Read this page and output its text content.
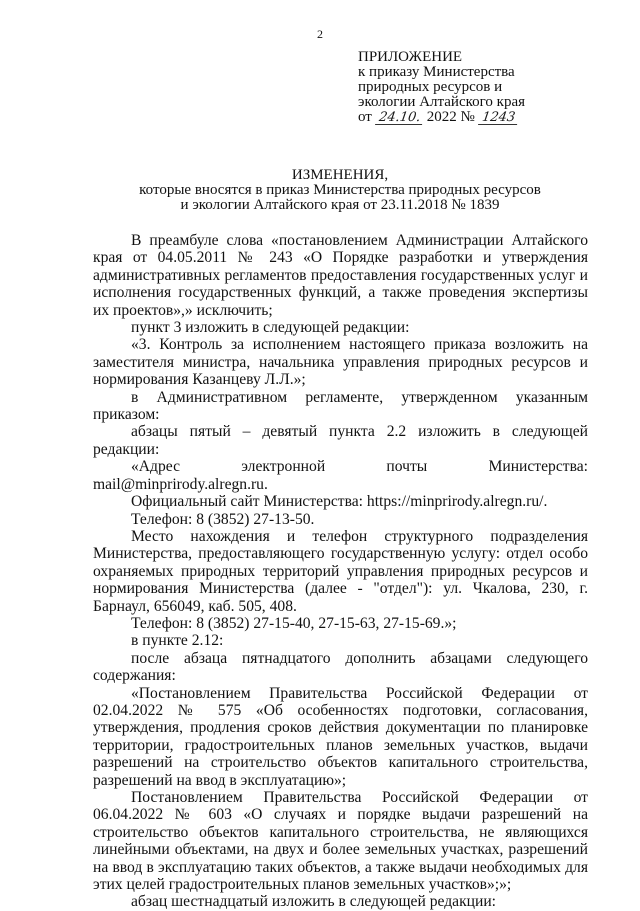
2
ПРИЛОЖЕНИЕ
к приказу Министерства
природных ресурсов и
экологии Алтайского края
от 24.10. 2022 № 1243
ИЗМЕНЕНИЯ,
которые вносятся в приказ Министерства природных ресурсов
и экологии Алтайского края от 23.11.2018 № 1839

В преамбуле слова «постановлением Администрации Алтайского края от 04.05.2011 № 243 «О Порядке разработки и утверждения административных регламентов предоставления государственных услуг и исполнения государственных функций, а также проведения экспертизы их проектов»,» исключить;

пункт 3 изложить в следующей редакции:

«3. Контроль за исполнением настоящего приказа возложить на заместителя министра, начальника управления природных ресурсов и нормирования Казанцеву Л.Л.»;

в Административном регламенте, утвержденном указанным приказом:

абзацы пятый – девятый пункта 2.2 изложить в следующей редакции:

«Адрес электронной почты Министерства: mail@minprirody.alregn.ru.

Официальный сайт Министерства: https://minprirody.alregn.ru/.

Телефон: 8 (3852) 27-13-50.

Место нахождения и телефон структурного подразделения Министерства, предоставляющего государственную услугу: отдел особо охраняемых природных территорий управления природных ресурсов и нормирования Министерства (далее - "отдел"): ул. Чкалова, 230, г. Барнаул, 656049, каб. 505, 408.

Телефон: 8 (3852) 27-15-40, 27-15-63, 27-15-69.»;

в пункте 2.12:

после абзаца пятнадцатого дополнить абзацами следующего содержания:

«Постановлением Правительства Российской Федерации от 02.04.2022 № 575 «Об особенностях подготовки, согласования, утверждения, продления сроков действия документации по планировке территории, градостроительных планов земельных участков, выдачи разрешений на строительство объектов капитального строительства, разрешений на ввод в эксплуатацию»;

Постановлением Правительства Российской Федерации от 06.04.2022 № 603 «О случаях и порядке выдачи разрешений на строительство объектов капитального строительства, не являющихся линейными объектами, на двух и более земельных участках, разрешений на ввод в эксплуатацию таких объектов, а также выдачи необходимых для этих целей градостроительных планов земельных участков»;»;

абзац шестнадцатый изложить в следующей редакции:
